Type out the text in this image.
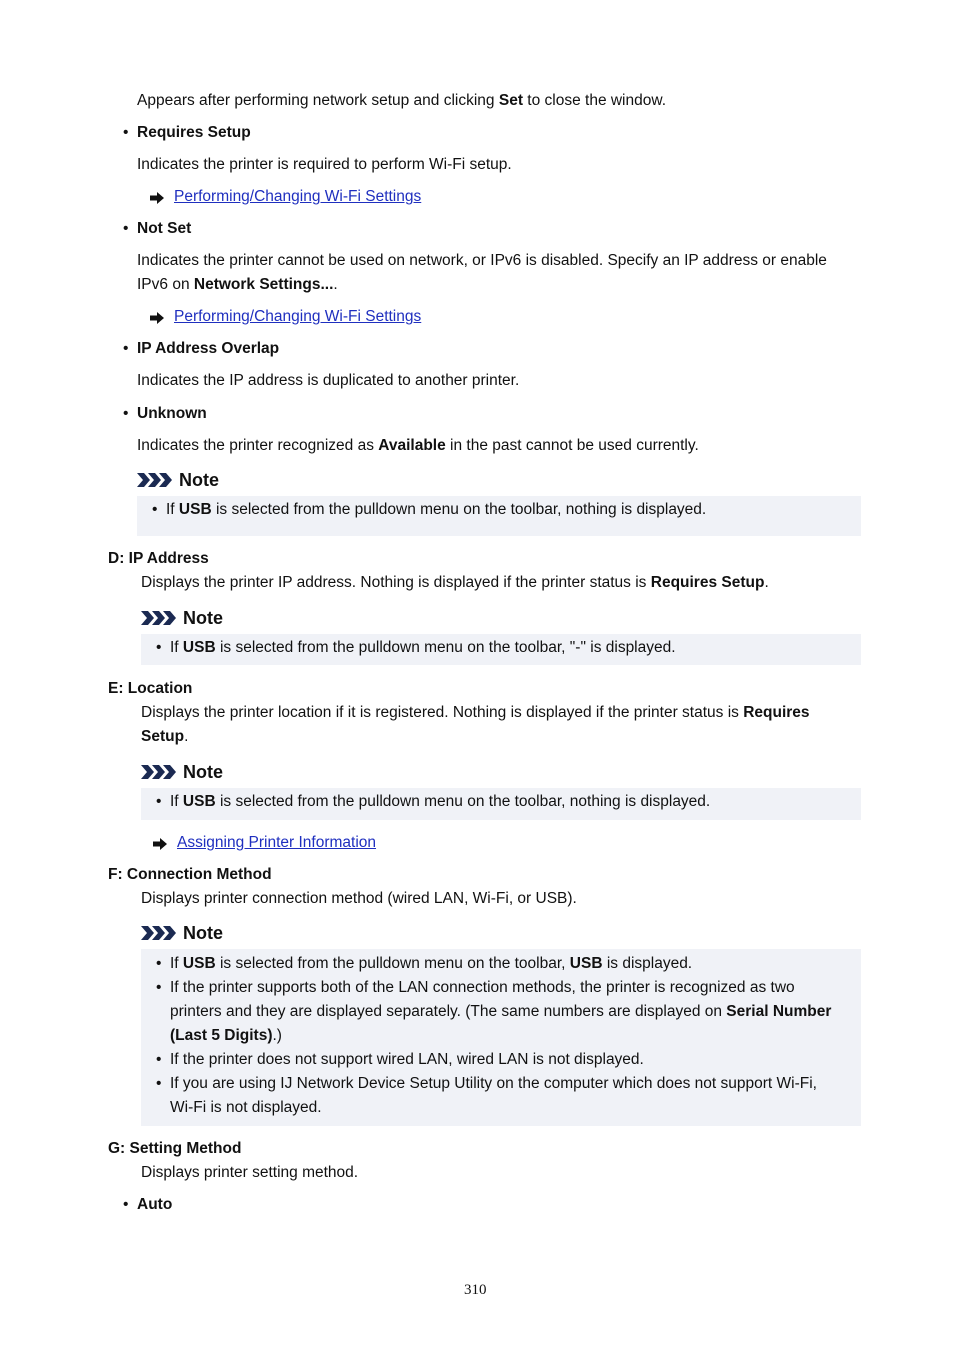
Appears after performing network setup and clicking Set to close the window.
• Requires Setup
Indicates the printer is required to perform Wi-Fi setup.
Performing/Changing Wi-Fi Settings
• Not Set
Indicates the printer cannot be used on network, or IPv6 is disabled. Specify an IP address or enable
IPv6 on Network Settings....
Performing/Changing Wi-Fi Settings
• IP Address Overlap
Indicates the IP address is duplicated to another printer.
• Unknown
Indicates the printer recognized as Available in the past cannot be used currently.
Note
• If USB is selected from the pulldown menu on the toolbar, nothing is displayed.
D: IP Address
Displays the printer IP address. Nothing is displayed if the printer status is Requires Setup.
Note
• If USB is selected from the pulldown menu on the toolbar, "-" is displayed.
E: Location
Displays the printer location if it is registered. Nothing is displayed if the printer status is Requires
Setup.
Note
• If USB is selected from the pulldown menu on the toolbar, nothing is displayed.
Assigning Printer Information
F: Connection Method
Displays printer connection method (wired LAN, Wi-Fi, or USB).
Note
• If USB is selected from the pulldown menu on the toolbar, USB is displayed.
• If the printer supports both of the LAN connection methods, the printer is recognized as two
printers and they are displayed separately. (The same numbers are displayed on Serial Number
(Last 5 Digits).)
• If the printer does not support wired LAN, wired LAN is not displayed.
• If you are using IJ Network Device Setup Utility on the computer which does not support Wi-Fi,
Wi-Fi is not displayed.
G: Setting Method
Displays printer setting method.
• Auto
310
